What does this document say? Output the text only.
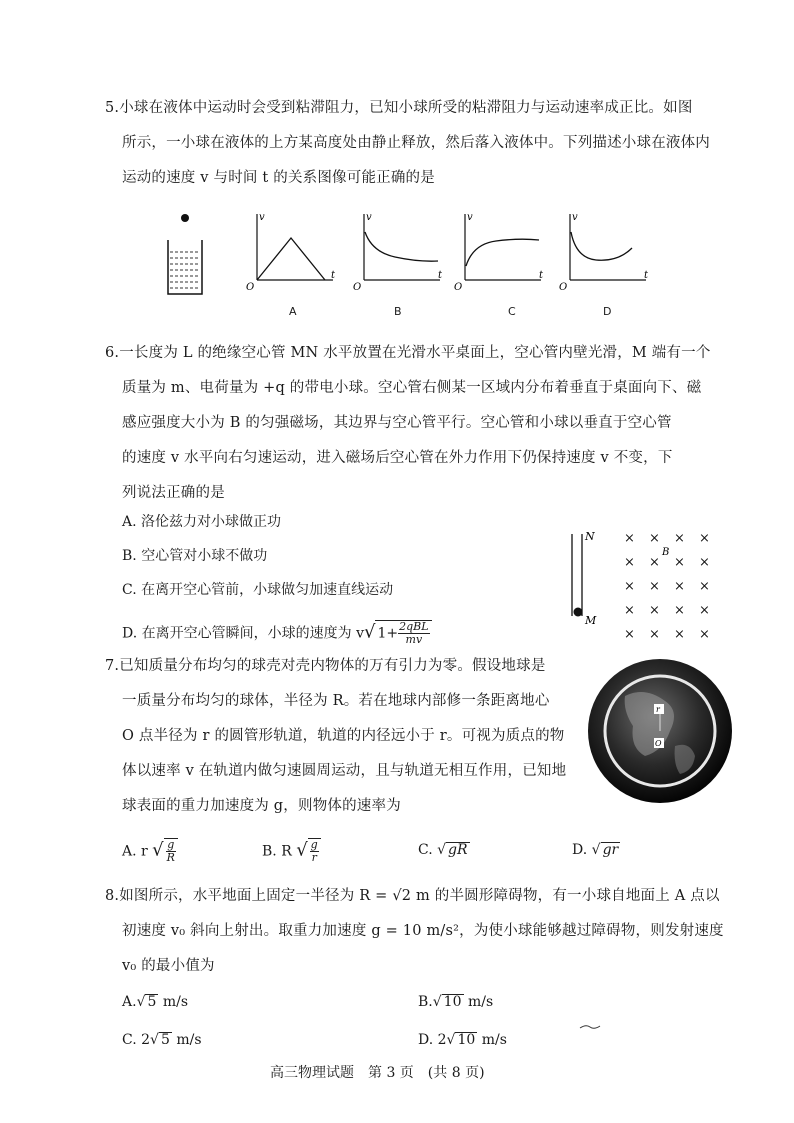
5.小球在液体中运动时会受到粘滞阻力，已知小球所受的粘滞阻力与运动速率成正比。如图
所示，一小球在液体的上方某高度处由静止释放，然后落入液体中。下列描述小球在液体内
运动的速度 v 与时间 t 的关系图像可能正确的是
v
t
O
A
v
t
O
B
v
t
O
C
v
t
O
D
6.一长度为 L 的绝缘空心管 MN 水平放置在光滑水平桌面上，空心管内壁光滑，M 端有一个
质量为 m、电荷量为 +q 的带电小球。空心管右侧某一区域内分布着垂直于桌面向下、磁
感应强度大小为 B 的匀强磁场，其边界与空心管平行。空心管和小球以垂直于空心管
的速度 v 水平向右匀速运动，进入磁场后空心管在外力作用下仍保持速度 v 不变，下
列说法正确的是
A. 洛伦兹力对小球做正功
B. 空心管对小球不做功
C. 在离开空心管前，小球做匀加速直线运动
D. 在离开空心管瞬间，小球的速度为 v√ $1+ \frac{\text{2qBL}}{mv}$
N
M
B
× × × ×
× × × ×
× × × ×
× × × ×
× × × ×
7.已知质量分布均匀的球壳对壳内物体的万有引力为零。假设地球是
一质量分布均匀的球体，半径为 R。若在地球内部修一条距离地心
O 点半径为 r 的圆管形轨道，轨道的内径远小于 r。可视为质点的物
体以速率 v 在轨道内做匀速圆周运动，且与轨道无相互作用，已知地
球表面的重力加速度为 g，则物体的速率为
r
O
A. r √ $\frac{g}{R}$	B. R √ $\frac{g}{r}$	C. √ gR	D. √ gr
8.如图所示，水平地面上固定一半径为 R = √2 m 的半圆形障碍物，有一小球自地面上 A 点以
初速度 v₀ 斜向上射出。取重力加速度 g = 10 m/s²，为使小球能够越过障碍物，则发射速度
v₀ 的最小值为
A.√ 5 m/s	B.√ 10 m/s
C. 2√ 5 m/s	D. 2√ 10 m/s
高三物理试题　第 3 页　(共 8 页)
